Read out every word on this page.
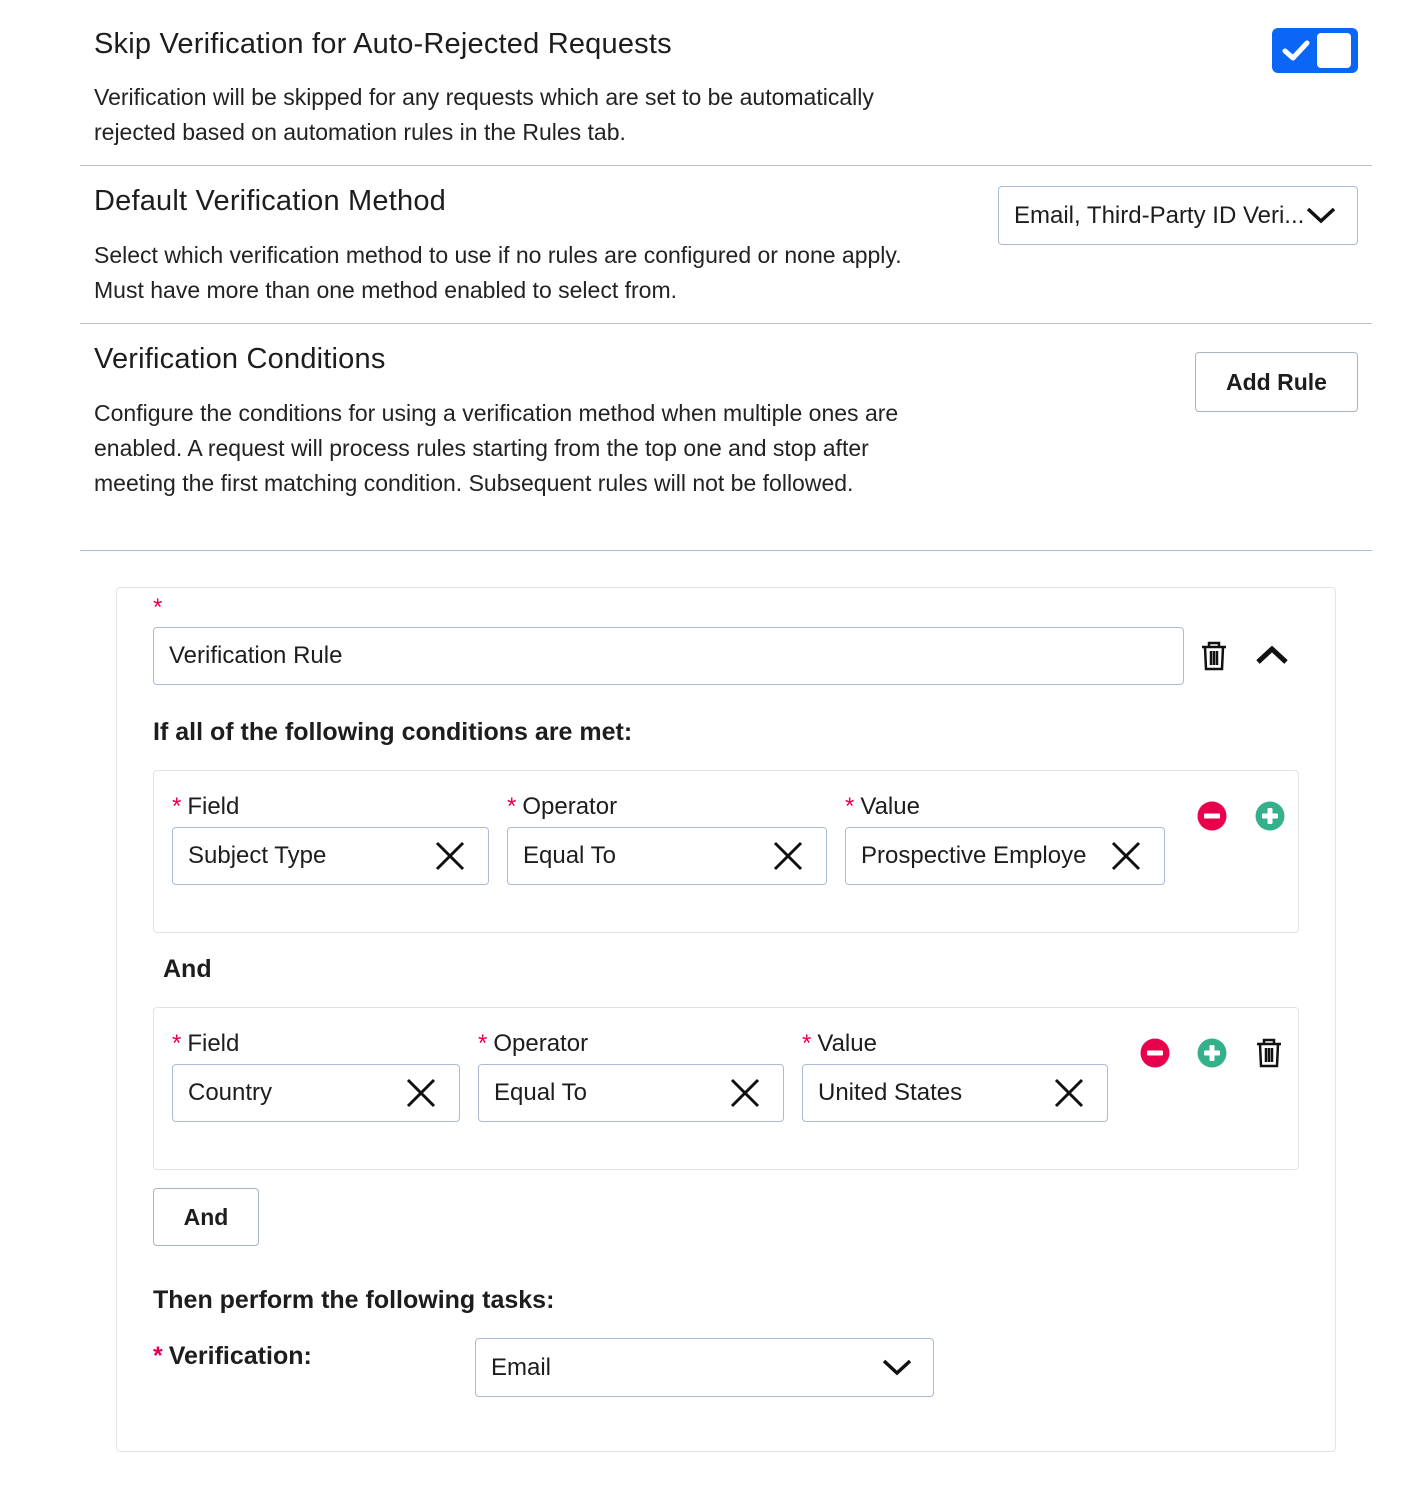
Skip Verification for Auto-Rejected Requests
Verification will be skipped for any requests which are set to be automatically rejected based on automation rules in the Rules tab.
Default Verification Method
Select which verification method to use if no rules are configured or none apply. Must have more than one method enabled to select from.
Email, Third-Party ID Veri...
Verification Conditions
Configure the conditions for using a verification method when multiple ones are enabled. A request will process rules starting from the top one and stop after meeting the first matching condition. Subsequent rules will not be followed.
Add Rule
*
Verification Rule
If all of the following conditions are met:
* Field	* Operator	* Value
Subject Type	Equal To	Prospective Employe
And
* Field	* Operator	* Value
Country	Equal To	United States
And
Then perform the following tasks:
* Verification:	Email
